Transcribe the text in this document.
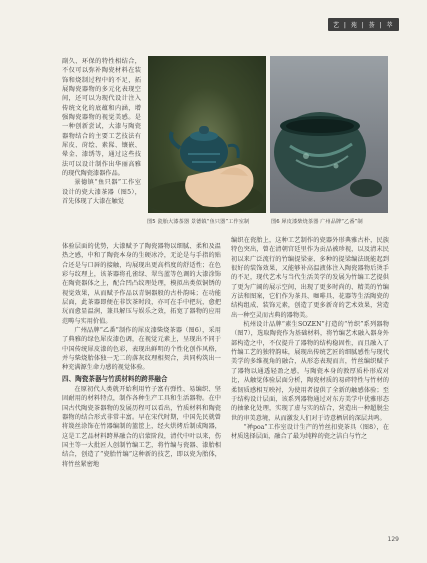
艺 | 苑 | 荟 | 萃

副久、环保的特性相结合，不仅可以弥补陶瓷材料在装饰和烧制过程中的不足，拓展陶瓷器物的多元化表现空间，还可以为现代设计注入传统文化的底蕴和内涵，增强陶瓷器物的视觉美感。是一种创新尝试，大漆与陶瓷器物结合的主要工艺技法有犀皮、莳绘、素髹、镶嵌、晕金、漆绣等，通过这些技法可以设计制作出华丽高雅的现代陶瓷漆器作品。

景德镇“鱼只器”工作室设计的瓷大漆茶器（图5），首先体现了大漆在触觉

图5 瓷胎大漆茶器 景德镇“鱼只器”工作室制	图6 犀皮漆柴烧茶器 广州品牌“乙番”制

体验层面的优势，大漆赋予了陶瓷器物以细腻、柔和及温热之感，中和了陶瓷本身的生硬冰冷，无论是与手指的贴合还是与口唇的接触，均展现出更高档度的舒适性；在色彩与纹理上，该茶器将孔雀绿、翠鸟蓝等色调的大漆涂饰在陶瓷器体之上，配合凹凸纹理处理，模拟出类似铜锈的视觉效果，从而赋予作品以青铜器般的古朴韵味；在功能层面，此茶器即便在非饮茶时段，亦可在手中把玩，愈把玩而愈显温润，兼具解压与娱乐之效，拓宽了器物的应用范畴与实用价值。

广州品牌“乙番”制作的犀皮漆柴烧茶器（图6），采用了典雅的绿色犀皮漆色调，在视觉元素上，呈现出不同于中国传统犀皮漆的色彩，表现出鲜明的个性化创作风格，并与柴烧胎体独一无二的落灰纹理相契合，共同构筑出一种充满源生命力感的视觉体验。

四、陶瓷茶器与竹质材料的跨界融合

在原初代人类就开始利用竹子富有弹性、易编织、坚固耐用的材料特点，制作各种生产工具和生活器物。在中国古代陶瓷茶器物的发展历程可以看出，竹质材料和陶瓷器物的结合形式非常丰富。早在宋代时期，中国先民就曾将篾丝涂饰在竹器编制的篮筐上，经火烘烤后制成陶器，这是工艺品材料跨界融合的启蒙阶段，清代中叶以来，伤国主等一大批匠人创制竹编工艺，将竹编与瓷器、漆胎相结合，创造了“瓷胎竹编”这种新的技艺，即以瓷为胎体，将竹丝紧密地

编织在瓷胎上，这种工艺制作的瓷器外形典雅古朴，民族特色突出，曾在清朝宫廷里作为贡品被珍视，以及清末民初以来广泛流行的竹编提梁壶、多种的提梁编法既能起到很好的装饰效果，又能够补高温液体注入陶瓷器物后烫手的不足，现代艺术与当代生活美学的发展为竹编工艺提供了更为广阔的展示空间，出现了更多时尚的、精美的竹编方法和图案，它们作为茶具、咖啡具、花器等生活陶瓷的结构组成、装饰元素，创造了更多新奇的艺术效果，营造出一种空灵而古典的器物美。

杭州设计品牌“素生SOZEN”打造的“竹织”系列器物（图7），选取陶瓷作为基础材料，将竹编艺术融入器身外部构造之中，不仅提升了器物的结构稳固性，而且融入了竹编工艺的独特韵味，展现出传统艺匠的细腻感性与现代美学的多维视角的融合，从形态表现而言，竹丝编织赋予了器物以通透轻盈之感，与陶瓷本身的敦厚质朴形成对比，从触觉体验层面分析，陶瓷材质的易碎特性与竹材的柔韧质感相互映衬，为使用者提供了全新的触感体验；至于结构设计层面，该系列器物通过对东方美学中优雅形态的抽象化处理，实现了虚与实的结合，营造出一种超脱尘世的审美意境，从而激发人们对于诗意栖居的深层共鸣。

“禅poa”工作室设计生产的竹丝扣瓷茶具（图8），在材质选择层面，融合了最为纯粹的瓷之洁白与竹之

129
